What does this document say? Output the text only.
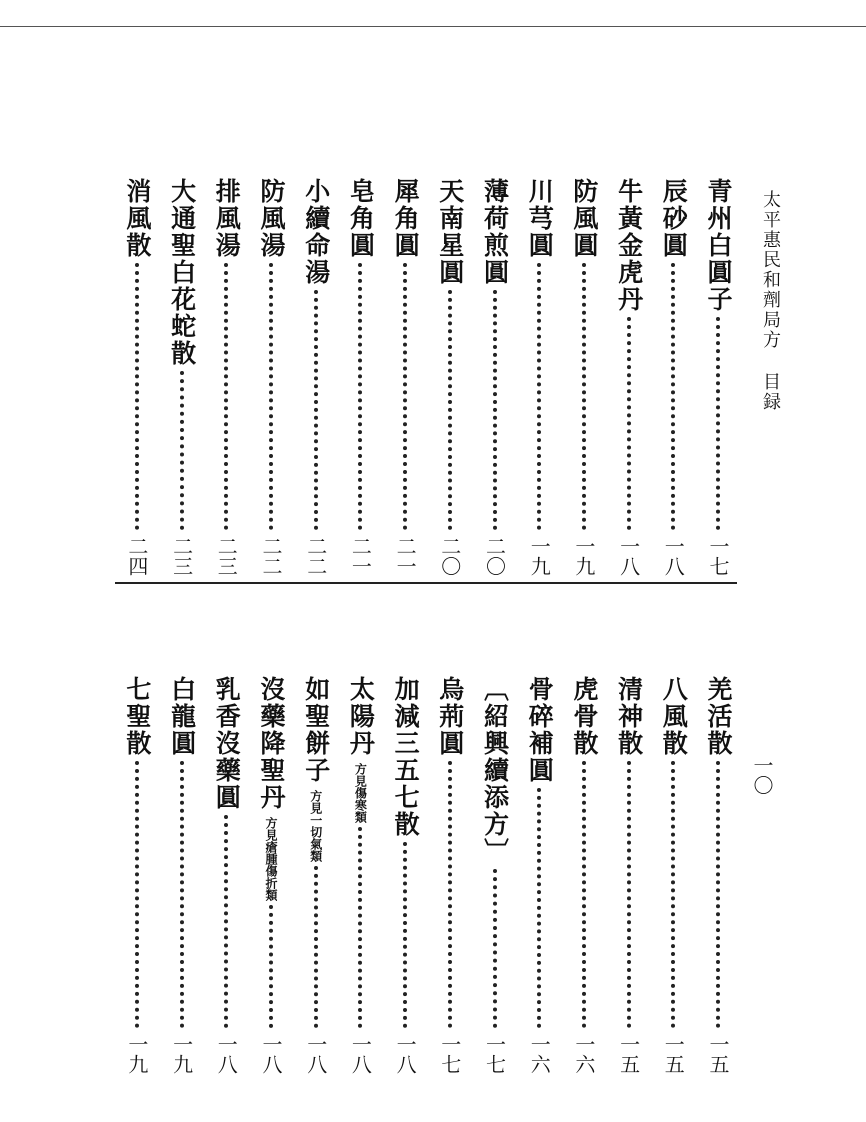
太平惠民和劑局方目録
一〇
青州白圓子
一七
辰砂圓
一八
牛黃金虎丹
一八
防風圓
一九
川芎圓
一九
薄荷煎圓
二〇
天南星圓
二〇
犀角圓
二一
皂角圓
二一
小續命湯
二二
防風湯
二二
排風湯
二三
大通聖白花蛇散
二三
消風散
二四
羌活散
一五
八風散
一五
清神散
一五
虎骨散
一六
骨碎補圓
一六
〔紹興續添方〕
一七
烏荊圓
一七
加減三五七散
一八
太陽丹
方見傷寒類
一八
如聖餅子
方見一切氣類
一八
沒藥降聖丹
方見瘡腫傷折類
一八
乳香沒藥圓
一八
白龍圓
一九
七聖散
一九
